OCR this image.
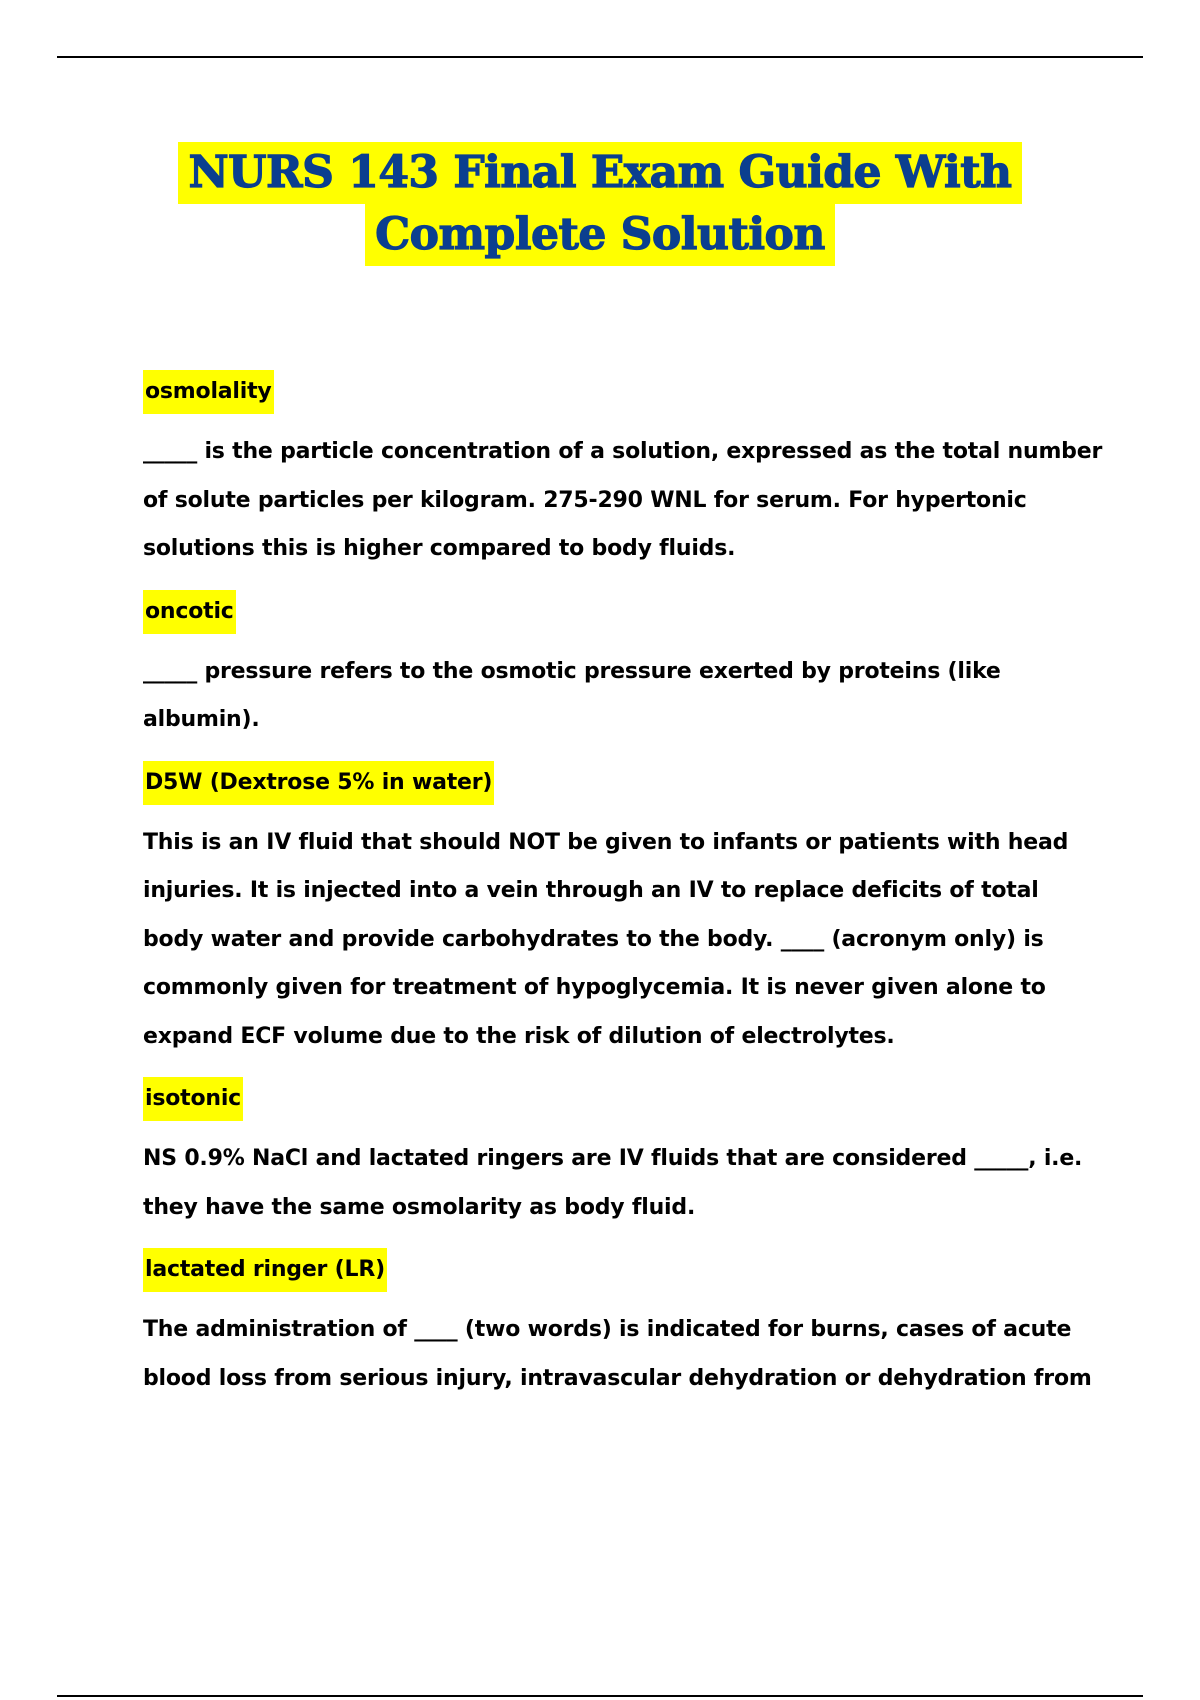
NURS 143 Final Exam Guide With
Complete Solution
osmolality
_____ is the particle concentration of a solution, expressed as the total number of solute particles per kilogram. 275-290 WNL for serum. For hypertonic solutions this is higher compared to body fluids.
oncotic
_____ pressure refers to the osmotic pressure exerted by proteins (like albumin).
D5W (Dextrose 5% in water)
This is an IV fluid that should NOT be given to infants or patients with head injuries. It is injected into a vein through an IV to replace deficits of total body water and provide carbohydrates to the body. ____ (acronym only) is commonly given for treatment of hypoglycemia. It is never given alone to expand ECF volume due to the risk of dilution of electrolytes.
isotonic
NS 0.9% NaCl and lactated ringers are IV fluids that are considered _____, i.e. they have the same osmolarity as body fluid.
lactated ringer (LR)
The administration of ____ (two words) is indicated for burns, cases of acute blood loss from serious injury, intravascular dehydration or dehydration from
